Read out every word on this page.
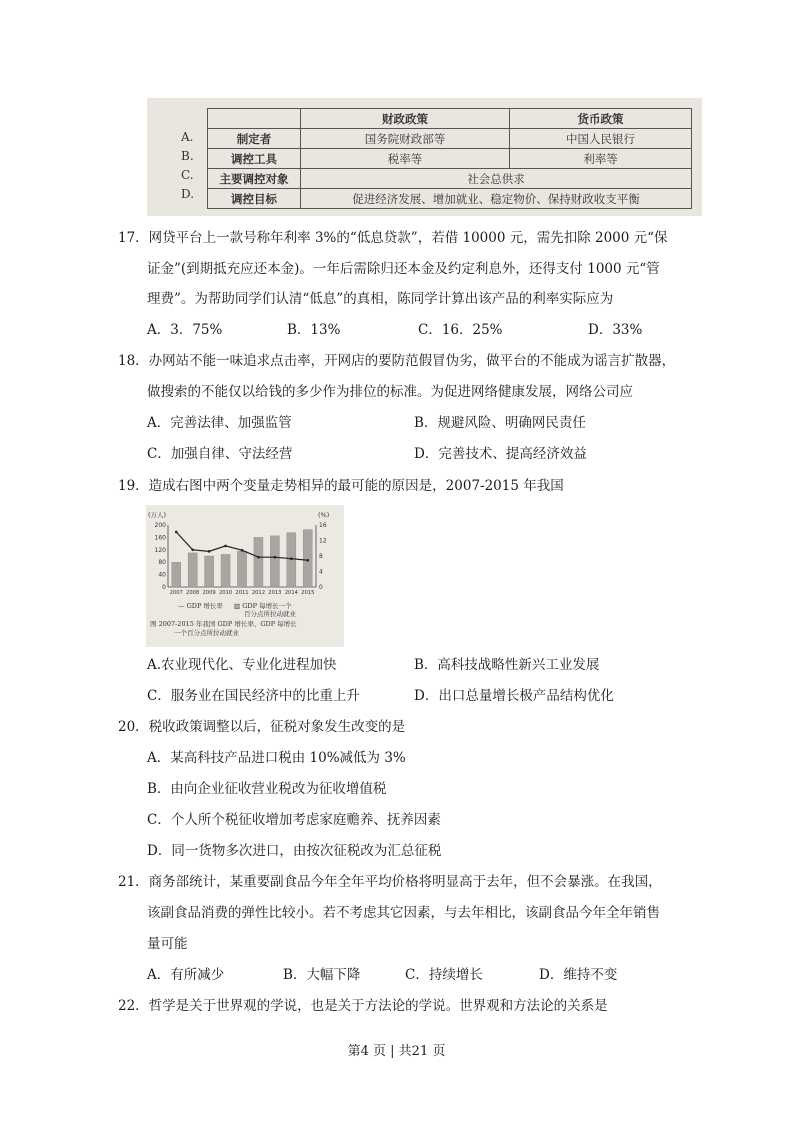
A.
B.
C.
D.
	财政政策	货币政策
制定者	国务院财政部等	中国人民银行
调控工具	税率等	利率等
主要调控对象	社会总供求	
调控目标	促进经济发展、增加就业、稳定物价、保持财政收支平衡	
17．网贷平台上一款号称年利率 3%的“低息贷款”，若借 10000 元，需先扣除 2000 元“保
证金”(到期抵充应还本金)。一年后需除归还本金及约定利息外，还得支付 1000 元“管
理费”。为帮助同学们认清“低息”的真相，陈同学计算出该产品的利率实际应为
A．3．75%	B．13%	C．16．25%	D．33%
18．办网站不能一味追求点击率，开网店的要防范假冒伪劣，做平台的不能成为谣言扩散器，
做搜索的不能仅以给钱的多少作为排位的标准。为促进网络健康发展，网络公司应
A．完善法律、加强监管	B．规避风险、明确网民责任
C．加强自律、守法经营	D．完善技术、提高经济效益
19．造成右图中两个变量走势相异的最可能的原因是，2007-2015 年我国
(万人)	(%)
200
160
120
80
40
0
16
12
8
4
0
2007 2008 2009 2010 2011 2012 2013 2014 2015
— GDP 增长率 ▥ GDP 每增长一个
百分点所拉动就业
图 2007-2015 年我国 GDP 增长率、GDP 每增长
一个百分点所拉动就业
A.农业现代化、专业化进程加快	B．高科技战略性新兴工业发展
C．服务业在国民经济中的比重上升	D．出口总量增长极产品结构优化
20．税收政策调整以后，征税对象发生改变的是
A．某高科技产品进口税由 10%减低为 3%
B．由向企业征收营业税改为征收增值税
C．个人所个税征收增加考虑家庭赡养、抚养因素
D．同一货物多次进口，由按次征税改为汇总征税
21．商务部统计，某重要副食品今年全年平均价格将明显高于去年，但不会暴涨。在我国，
该副食品消费的弹性比较小。若不考虑其它因素，与去年相比，该副食品今年全年销售
量可能
A．有所减少	B．大幅下降	C．持续增长	D．维持不变
22．哲学是关于世界观的学说，也是关于方法论的学说。世界观和方法论的关系是
第4 页 | 共21 页
